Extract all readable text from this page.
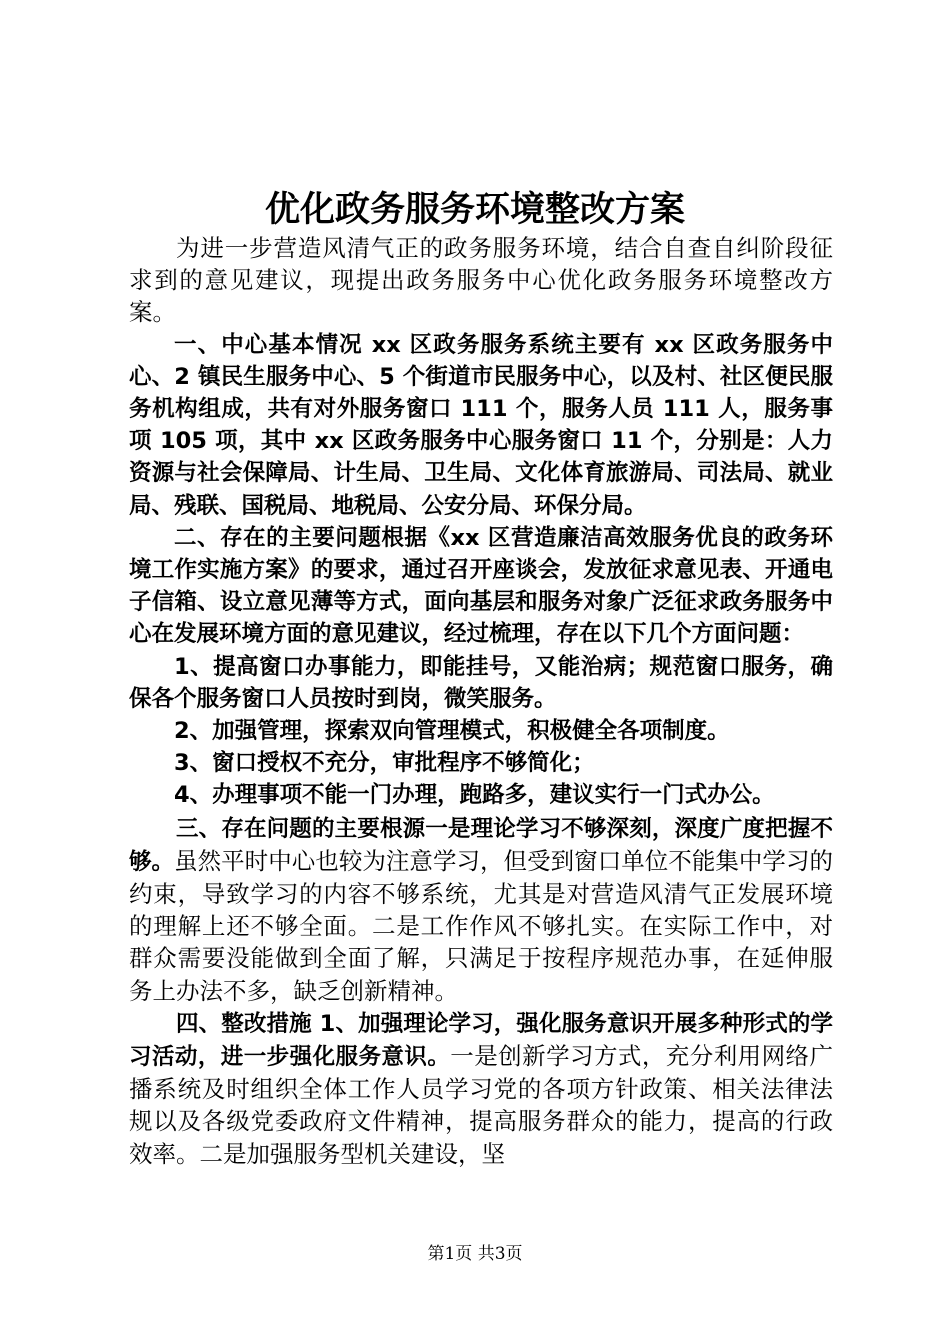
优化政务服务环境整改方案

为进一步营造风清气正的政务服务环境，结合自查自纠阶段征求到的意见建议，现提出政务服务中心优化政务服务环境整改方案。

一、中心基本情况 xx 区政务服务系统主要有 xx 区政务服务中心、2 镇民生服务中心、5 个街道市民服务中心，以及村、社区便民服务机构组成，共有对外服务窗口 111 个，服务人员 111 人，服务事项 105 项，其中 xx 区政务服务中心服务窗口 11 个，分别是：人力资源与社会保障局、计生局、卫生局、文化体育旅游局、司法局、就业局、残联、国税局、地税局、公安分局、环保分局。

二、存在的主要问题根据《xx 区营造廉洁高效服务优良的政务环境工作实施方案》的要求，通过召开座谈会，发放征求意见表、开通电子信箱、设立意见薄等方式，面向基层和服务对象广泛征求政务服务中心在发展环境方面的意见建议，经过梳理，存在以下几个方面问题：

1、提高窗口办事能力，即能挂号，又能治病；规范窗口服务，确保各个服务窗口人员按时到岗，微笑服务。

2、加强管理，探索双向管理模式，积极健全各项制度。

3、窗口授权不充分，审批程序不够简化；

4、办理事项不能一门办理，跑路多，建议实行一门式办公。

三、存在问题的主要根源一是理论学习不够深刻，深度广度把握不够。虽然平时中心也较为注意学习，但受到窗口单位不能集中学习的约束，导致学习的内容不够系统，尤其是对营造风清气正发展环境的理解上还不够全面。二是工作作风不够扎实。在实际工作中，对群众需要没能做到全面了解，只满足于按程序规范办事，在延伸服务上办法不多，缺乏创新精神。

四、整改措施 1、加强理论学习，强化服务意识开展多种形式的学习活动，进一步强化服务意识。一是创新学习方式，充分利用网络广播系统及时组织全体工作人员学习党的各项方针政策、相关法律法规以及各级党委政府文件精神，提高服务群众的能力，提高的行政效率。二是加强服务型机关建设，坚

第1页 共3页
